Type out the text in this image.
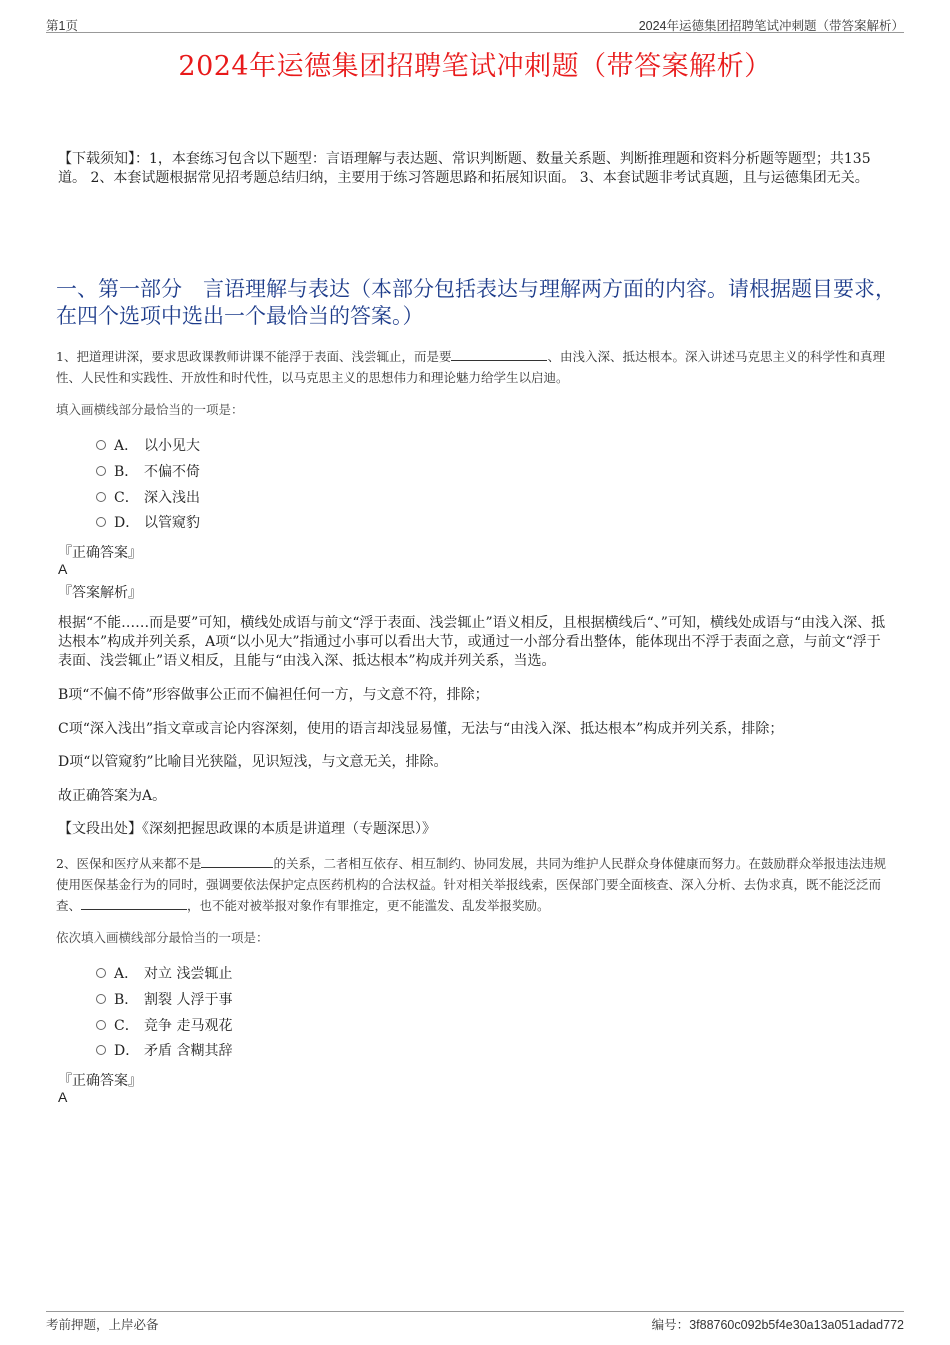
第1页	2024年运德集团招聘笔试冲刺题（带答案解析）
2024年运德集团招聘笔试冲刺题（带答案解析）
【下载须知】：1，本套练习包含以下题型：言语理解与表达题、常识判断题、数量关系题、判断推理题和资料分析题等题型；共135道。 2、本套试题根据常见招考题总结归纳，主要用于练习答题思路和拓展知识面。 3、本套试题非考试真题，且与运德集团无关。
一、第一部分　言语理解与表达（本部分包括表达与理解两方面的内容。请根据题目要求，在四个选项中选出一个最恰当的答案。）
1、把道理讲深，要求思政课教师讲课不能浮于表面、浅尝辄止，而是要	、由浅入深、抵达根本。深入讲述马克思主义的科学性和真理性、人民性和实践性、开放性和时代性，以马克思主义的思想伟力和理论魅力给学生以启迪。
填入画横线部分最恰当的一项是：
A． 以小见大
B． 不偏不倚
C． 深入浅出
D． 以管窥豹
『正确答案』
A
『答案解析』
根据“不能……而是要”可知，横线处成语与前文“浮于表面、浅尝辄止”语义相反，且根据横线后“、”可知，横线处成语与“由浅入深、抵达根本”构成并列关系，A项“以小见大”指通过小事可以看出大节，或通过一小部分看出整体，能体现出不浮于表面之意，与前文“浮于表面、浅尝辄止”语义相反，且能与“由浅入深、抵达根本”构成并列关系，当选。
B项“不偏不倚”形容做事公正而不偏袒任何一方，与文意不符，排除；
C项“深入浅出”指文章或言论内容深刻，使用的语言却浅显易懂，无法与“由浅入深、抵达根本”构成并列关系，排除；
D项“以管窥豹”比喻目光狭隘，见识短浅，与文意无关，排除。
故正确答案为A。
【文段出处】《深刻把握思政课的本质是讲道理（专题深思）》
2、医保和医疗从来都不是	的关系，二者相互依存、相互制约、协同发展，共同为维护人民群众身体健康而努力。在鼓励群众举报违法违规使用医保基金行为的同时，强调要依法保护定点医药机构的合法权益。针对相关举报线索，医保部门要全面核查、深入分析、去伪求真，既不能泛泛而查、	，也不能对被举报对象作有罪推定，更不能滥发、乱发举报奖励。
依次填入画横线部分最恰当的一项是：
A． 对立 浅尝辄止
B． 割裂 人浮于事
C． 竞争 走马观花
D． 矛盾 含糊其辞
『正确答案』
A
考前押题，上岸必备	编号：3f88760c092b5f4e30a13a051adad772
